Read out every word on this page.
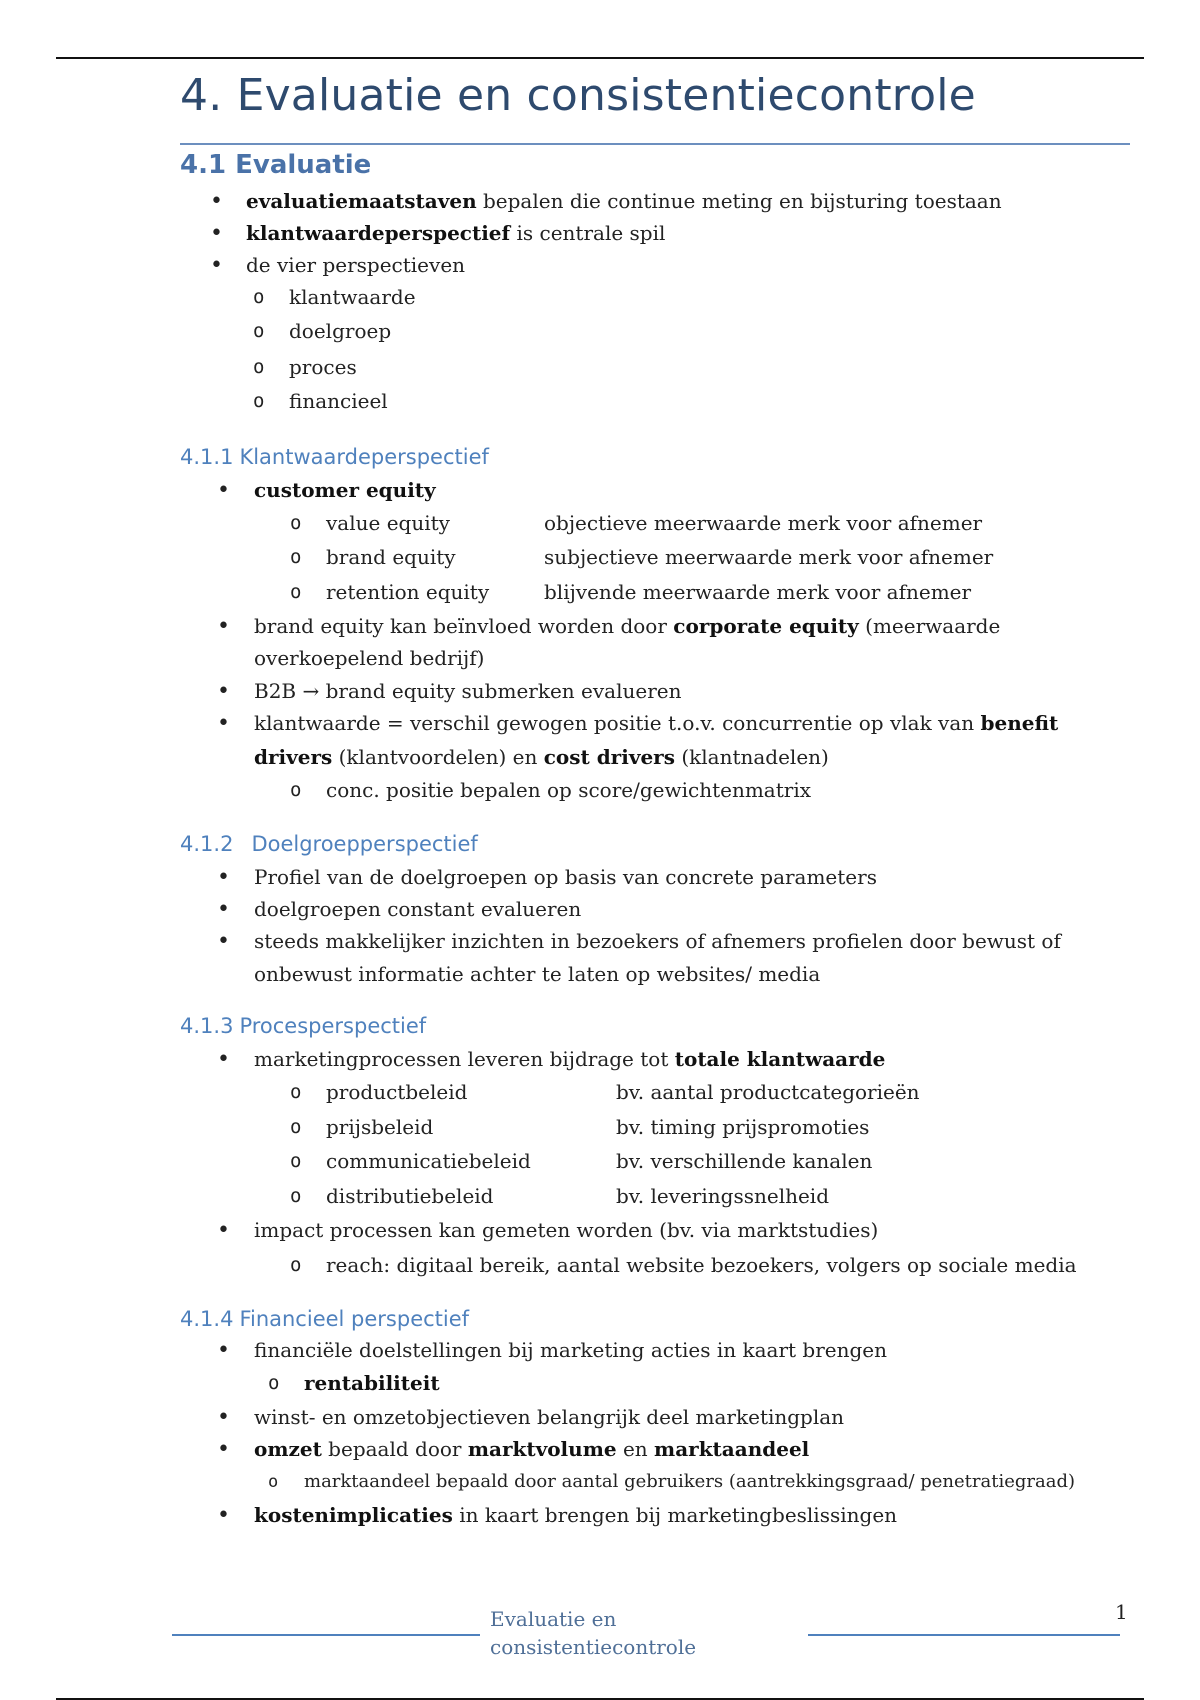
4. Evaluatie en consistentiecontrole
4.1 Evaluatie
•
evaluatiemaatstaven bepalen die continue meting en bijsturing toestaan
•
klantwaardeperspectief is centrale spil
•
de vier perspectieven
o klantwaarde
o doelgroep
o proces
o financieel
4.1.1 Klantwaardeperspectief
•
customer equity
o value equity	objectieve meerwaarde merk voor afnemer
o brand equity	subjectieve meerwaarde merk voor afnemer
o retention equity	blijvende meerwaarde merk voor afnemer
•
brand equity kan beïnvloed worden door corporate equity (meerwaarde
overkoepelend bedrijf)
•
B2B → brand equity submerken evalueren
•
klantwaarde = verschil gewogen positie t.o.v. concurrentie op vlak van benefit
drivers (klantvoordelen) en cost drivers (klantnadelen)
o conc. positie bepalen op score/gewichtenmatrix
4.1.2 Doelgroepperspectief
•
Profiel van de doelgroepen op basis van concrete parameters
•
doelgroepen constant evalueren
•
steeds makkelijker inzichten in bezoekers of afnemers profielen door bewust of
onbewust informatie achter te laten op websites/ media
4.1.3 Procesperspectief
•
marketingprocessen leveren bijdrage tot totale klantwaarde
o productbeleid	bv. aantal productcategorieën
o prijsbeleid	bv. timing prijspromoties
o communicatiebeleid	bv. verschillende kanalen
o distributiebeleid	bv. leveringssnelheid
•
impact processen kan gemeten worden (bv. via marktstudies)
o reach: digitaal bereik, aantal website bezoekers, volgers op sociale media
4.1.4 Financieel perspectief
•
financiële doelstellingen bij marketing acties in kaart brengen
o rentabiliteit
•
winst- en omzetobjectieven belangrijk deel marketingplan
•
omzet bepaald door marktvolume en marktaandeel
o marktaandeel bepaald door aantal gebruikers (aantrekkingsgraad/ penetratiegraad)
•
kostenimplicaties in kaart brengen bij marketingbeslissingen
Evaluatie en
consistentiecontrole
1
